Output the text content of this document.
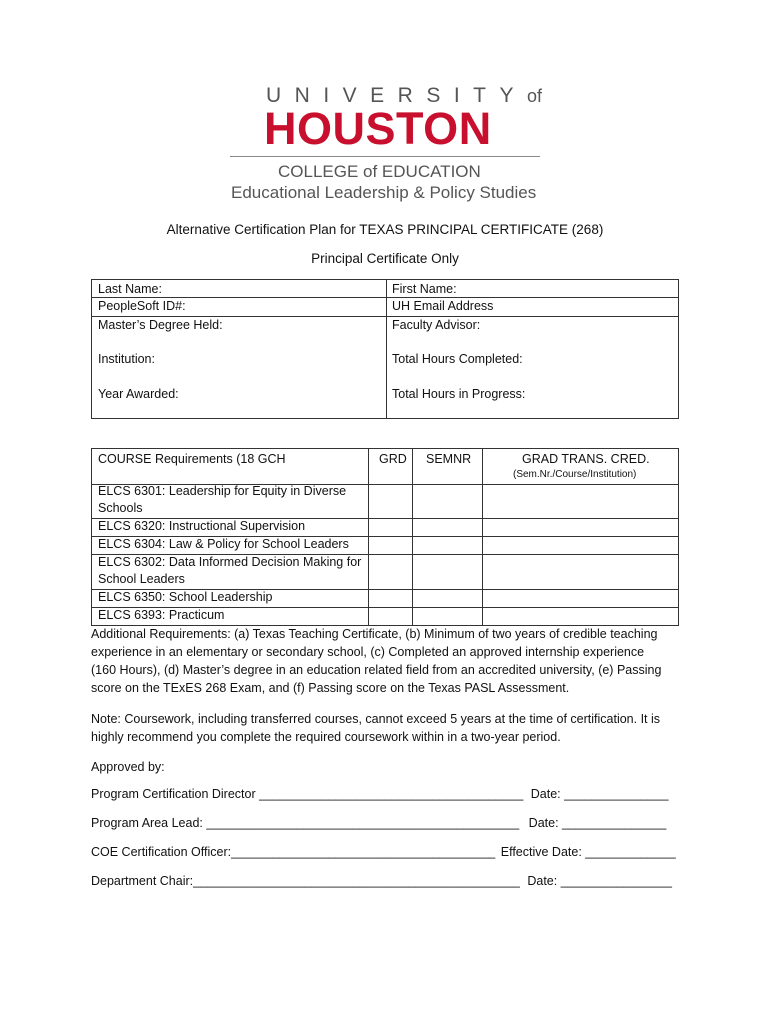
UNIVERSITYof
HOUSTON
COLLEGE of EDUCATION
Educational Leadership & Policy Studies
Alternative Certification Plan for TEXAS PRINCIPAL CERTIFICATE (268)
Principal Certificate Only
Last Name:
PeopleSoft ID#:
Master’s Degree Held:
Institution:
Year Awarded:
First Name:
UH Email Address
Faculty Advisor:
Total Hours Completed:
Total Hours in Progress:
COURSE Requirements (18 GCH	GRD SEMNR	GRAD TRANS. CRED.
(Sem.Nr./Course/Institution)
ELCS 6301: Leadership for Equity in Diverse
Schools
ELCS 6320: Instructional Supervision
ELCS 6304: Law & Policy for School Leaders
ELCS 6302: Data Informed Decision Making for
School Leaders
ELCS 6350: School Leadership
ELCS 6393: Practicum
Additional Requirements: (a) Texas Teaching Certificate, (b) Minimum of two years of credible teaching
experience in an elementary or secondary school, (c) Completed an approved internship experience
(160 Hours), (d) Master’s degree in an education related field from an accredited university, (e) Passing
score on the TExES 268 Exam, and (f) Passing score on the Texas PASL Assessment.
Note: Coursework, including transferred courses, cannot exceed 5 years at the time of certification. It is
highly recommend you complete the required coursework within in a two-year period.
Approved by:
Program Certification Director ______________________________________ Date: _______________
Program Area Lead: _____________________________________________ Date: _______________
COE Certification Officer:______________________________________ Effective Date: _____________
Department Chair:_______________________________________________ Date: ________________
